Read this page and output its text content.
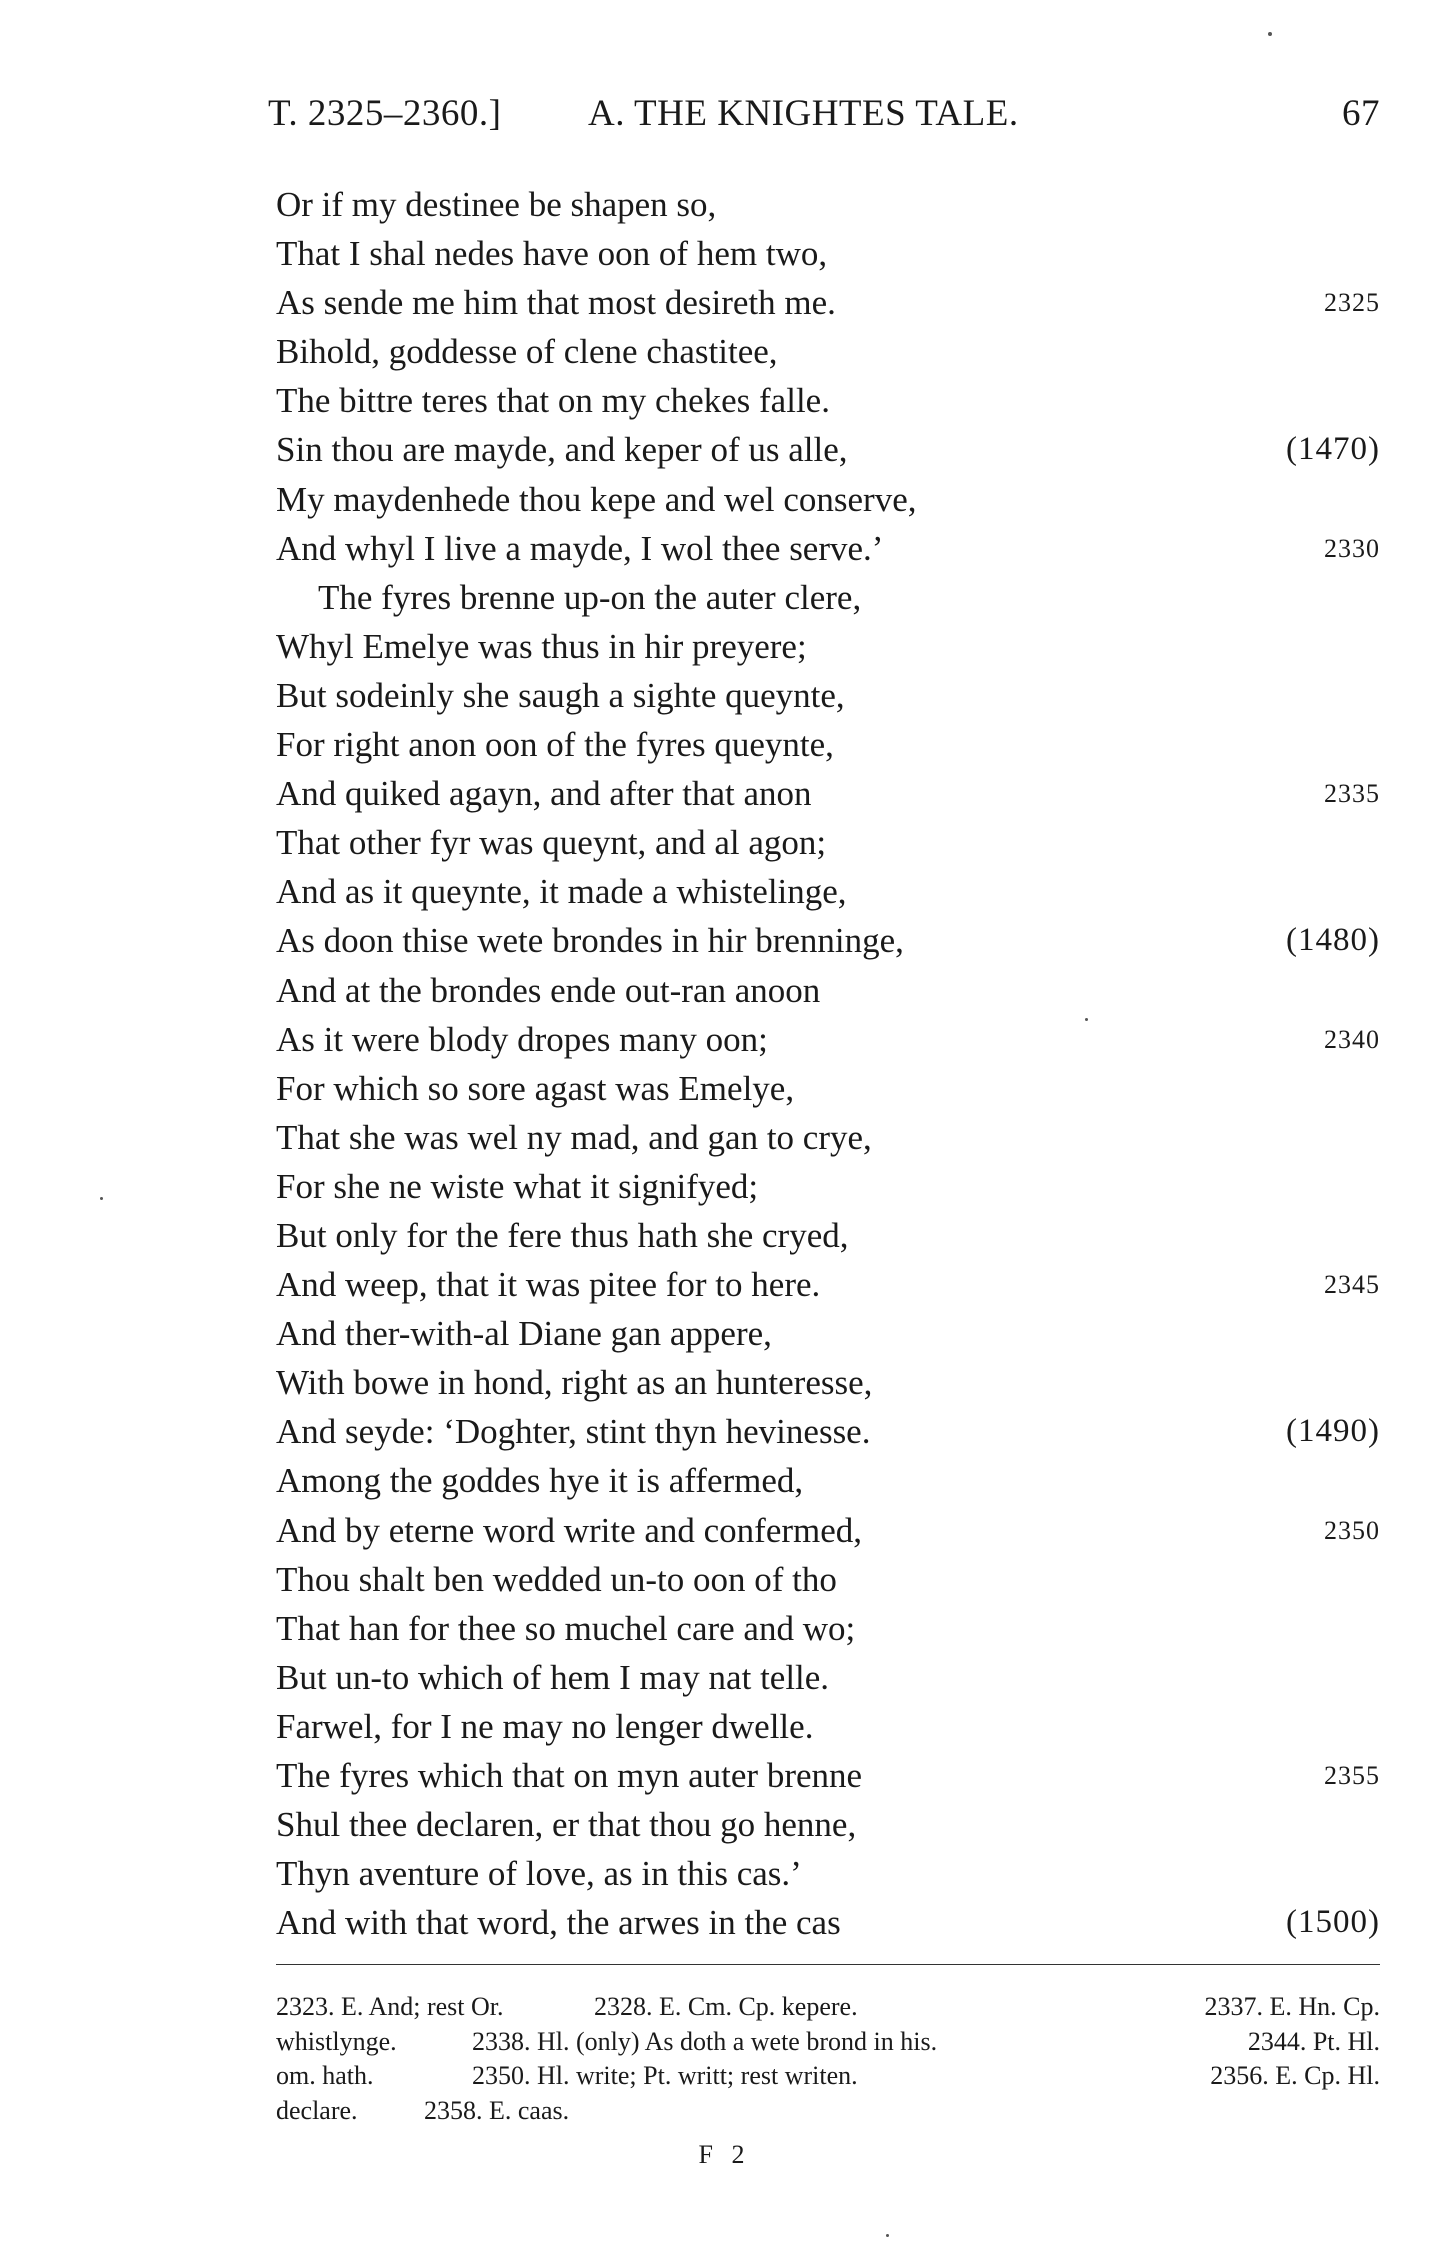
T. 2325–2360.] A. THE KNIGHTES TALE.	67
Or if my destinee be shapen so,
That I shal nedes have oon of hem two,
As sende me him that most desireth me.	2325
Bihold, goddesse of clene chastitee,
The bittre teres that on my chekes falle.
Sin thou are mayde, and keper of us alle,	(1470)
My maydenhede thou kepe and wel conserve,
And whyl I live a mayde, I wol thee serve.’	2330
The fyres brenne up-on the auter clere,
Whyl Emelye was thus in hir preyere;
But sodeinly she saugh a sighte queynte,
For right anon oon of the fyres queynte,
And quiked agayn, and after that anon	2335
That other fyr was queynt, and al agon;
And as it queynte, it made a whistelinge,
As doon thise wete brondes in hir brenninge,	(1480)
And at the brondes ende out-ran anoon
As it were blody dropes many oon;	2340
For which so sore agast was Emelye,
That she was wel ny mad, and gan to crye,
For she ne wiste what it signifyed;
But only for the fere thus hath she cryed,
And weep, that it was pitee for to here.	2345
And ther-with-al Diane gan appere,
With bowe in hond, right as an hunteresse,
And seyde: ‘Doghter, stint thyn hevinesse.	(1490)
Among the goddes hye it is affermed,
And by eterne word write and confermed,	2350
Thou shalt ben wedded un-to oon of tho
That han for thee so muchel care and wo;
But un-to which of hem I may nat telle.
Farwel, for I ne may no lenger dwelle.
The fyres which that on myn auter brenne	2355
Shul thee declaren, er that thou go henne,
Thyn aventure of love, as in this cas.’
And with that word, the arwes in the cas	(1500)
2323. E. And; rest Or.	2328. E. Cm. Cp. kepere.	2337. E. Hn. Cp.
whistlynge.	2338. Hl. (only) As doth a wete brond in his.	2344. Pt. Hl.
om. hath.	2350. Hl. write; Pt. writt; rest writen.	2356. E. Cp. Hl.
declare.	2358. E. caas.
F 2
